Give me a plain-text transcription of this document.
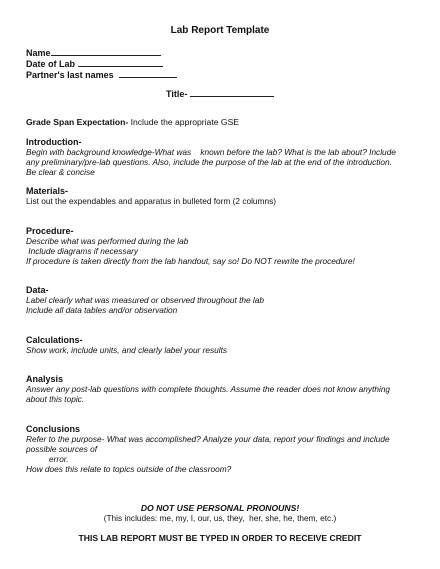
Lab Report Template
Name
Date of Lab
Partner's last names
Title-
Grade Span Expectation- Include the appropriate GSE
Introduction-
Begin with background knowledge-What was    known before the lab? What is the lab about? Include
any preliminary/pre-lab questions. Also, include the purpose of the lab at the end of the introduction.
Be clear & concise
Materials-
List out the expendables and apparatus in bulleted form (2 columns)
Procedure-
Describe what was performed during the lab
Include diagrams if necessary
If procedure is taken directly from the lab handout, say so! Do NOT rewrite the procedure!
Data-
Label clearly what was measured or observed throughout the lab
Include all data tables and/or observation
Calculations-
Show work, include units, and clearly label your results
Analysis
Answer any post-lab questions with complete thoughts. Assume the reader does not know anything
about this topic.
Conclusions
Refer to the purpose- What was accomplished? Analyze your data, report your findings and include
possible sources of
error.
How does this relate to topics outside of the classroom?
DO NOT USE PERSONAL PRONOUNS!
(This includes: me, my, I, our, us, they,  her, she, he, them, etc.)
THIS LAB REPORT MUST BE TYPED IN ORDER TO RECEIVE CREDIT
